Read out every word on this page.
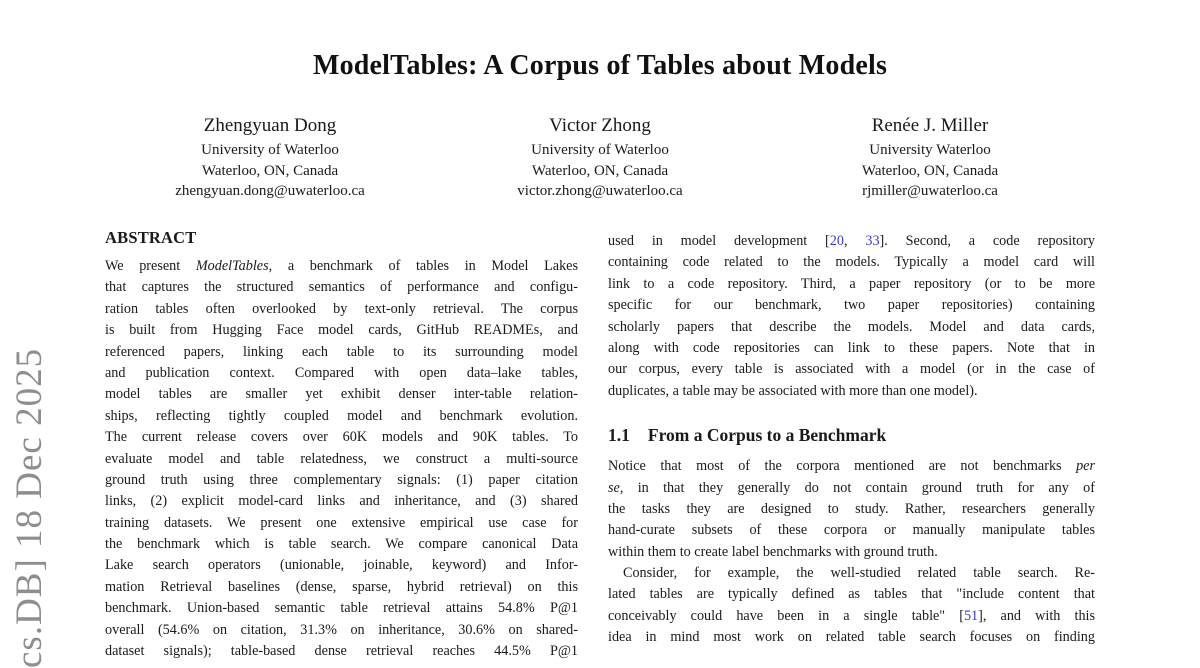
cs.DB] 18 Dec 2025
ModelTables: A Corpus of Tables about Models
Zhengyuan Dong
University of Waterloo
Waterloo, ON, Canada
zhengyuan.dong@uwaterloo.ca
Victor Zhong
University of Waterloo
Waterloo, ON, Canada
victor.zhong@uwaterloo.ca
Renée J. Miller
University Waterloo
Waterloo, ON, Canada
rjmiller@uwaterloo.ca
ABSTRACT
We present ModelTables, a benchmark of tables in Model Lakes
that captures the structured semantics of performance and configu-
ration tables often overlooked by text-only retrieval. The corpus
is built from Hugging Face model cards, GitHub READMEs, and
referenced papers, linking each table to its surrounding model
and publication context. Compared with open data–lake tables,
model tables are smaller yet exhibit denser inter-table relation-
ships, reflecting tightly coupled model and benchmark evolution.
The current release covers over 60K models and 90K tables. To
evaluate model and table relatedness, we construct a multi-source
ground truth using three complementary signals: (1) paper citation
links, (2) explicit model-card links and inheritance, and (3) shared
training datasets. We present one extensive empirical use case for
the benchmark which is table search. We compare canonical Data
Lake search operators (unionable, joinable, keyword) and Infor-
mation Retrieval baselines (dense, sparse, hybrid retrieval) on this
benchmark. Union-based semantic table retrieval attains 54.8% P@1
overall (54.6% on citation, 31.3% on inheritance, 30.6% on shared-
dataset signals); table-based dense retrieval reaches 44.5% P@1
used in model development [20, 33]. Second, a code repository
containing code related to the models. Typically a model card will
link to a code repository. Third, a paper repository (or to be more
specific for our benchmark, two paper repositories) containing
scholarly papers that describe the models. Model and data cards,
along with code repositories can link to these papers. Note that in
our corpus, every table is associated with a model (or in the case of
duplicates, a table may be associated with more than one model).
1.1 From a Corpus to a Benchmark
Notice that most of the corpora mentioned are not benchmarks per
se, in that they generally do not contain ground truth for any of
the tasks they are designed to study. Rather, researchers generally
hand-curate subsets of these corpora or manually manipulate tables
within them to create label benchmarks with ground truth.
Consider, for example, the well-studied related table search. Re-
lated tables are typically defined as tables that "include content that
conceivably could have been in a single table" [51], and with this
idea in mind most work on related table search focuses on finding
